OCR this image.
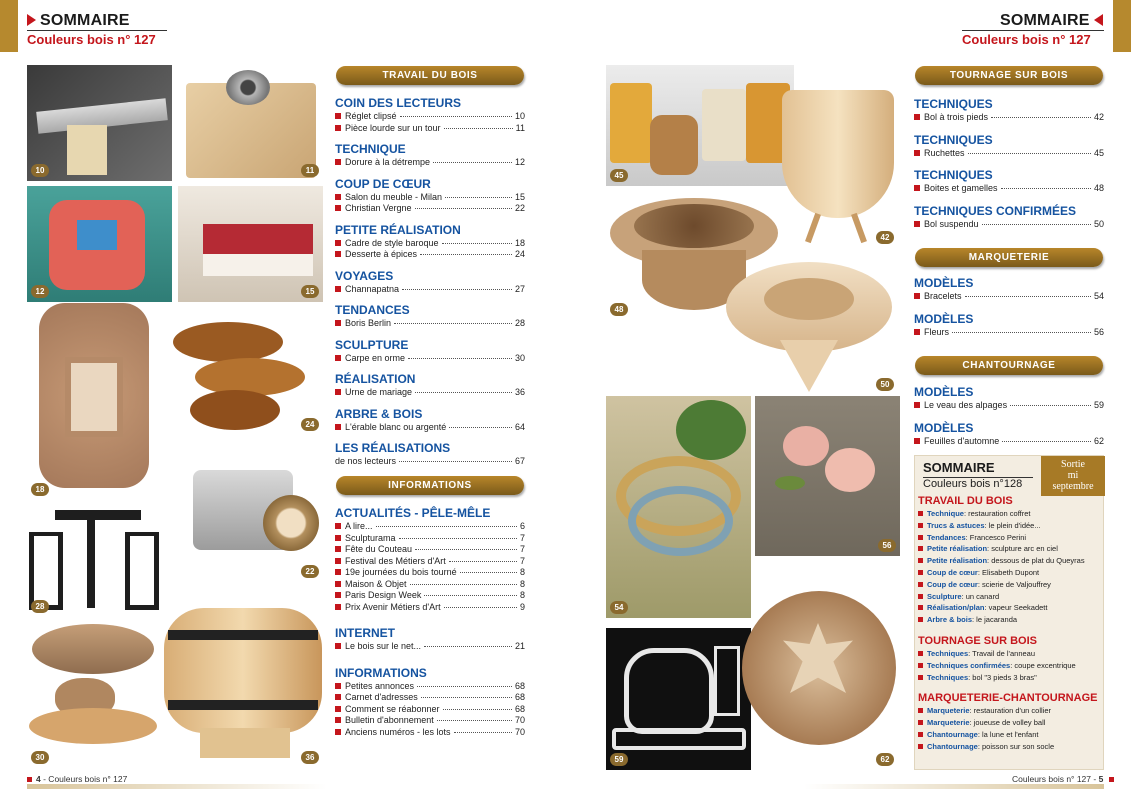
SOMMAIRE
Couleurs bois n° 127
SOMMAIRE
Couleurs bois n° 127
10	11
12	15
18
24
22
28
30	36
TRAVAIL DU BOIS
COIN DES LECTEURS
Réglet clipsé	10
Pièce lourde sur un tour	11
TECHNIQUE
Dorure à la détrempe	12
COUP DE CŒUR
Salon du meuble - Milan	15
Christian Vergne	22
PETITE RÉALISATION
Cadre de style baroque	18
Desserte à épices	24
VOYAGES
Channapatna	27
TENDANCES
Boris Berlin	28
SCULPTURE
Carpe en orme	30
RÉALISATION
Urne de mariage	36
ARBRE & BOIS
L'érable blanc ou argenté	64
LES RÉALISATIONS
de nos lecteurs	67
INFORMATIONS
ACTUALITÉS - PÊLE-MÊLE
A lire...	6
Sculpturama	7
Fête du Couteau	7
Festival des Métiers d'Art	7
19e journées du bois tourné	8
Maison & Objet	8
Paris Design Week	8
Prix Avenir Métiers d'Art	9
INTERNET
Le bois sur le net...	21
INFORMATIONS
Petites annonces	68
Carnet d'adresses	68
Comment se réabonner	68
Bulletin d'abonnement	70
Anciens numéros - les lots	70
45
42
48
50
56
54
59	62
TOURNAGE SUR BOIS
TECHNIQUES
Bol à trois pieds	42
TECHNIQUES
Ruchettes	45
TECHNIQUES
Boites et gamelles	48
TECHNIQUES CONFIRMÉES
Bol suspendu	50
MARQUETERIE
MODÈLES
Bracelets	54
MODÈLES
Fleurs	56
CHANTOURNAGE
MODÈLES
Le veau des alpages	59
MODÈLES
Feuilles d'automne	62
SOMMAIRE
Couleurs bois n°128
Sortie
mi
septembre
TRAVAIL DU BOIS
Technique : restauration coffret
Trucs & astuces : le plein d'idée...
Tendances : Francesco Perini
Petite réalisation : sculpture arc en ciel
Petite réalisation : dessous de plat du Queyras
Coup de cœur : Elisabeth Dupont
Coup de cœur : scierie de Valjouffrey
Sculpture : un canard
Réalisation/plan : vapeur Seekadett
Arbre & bois : le jacaranda
TOURNAGE SUR BOIS
Techniques : Travail de l'anneau
Techniques confirmées : coupe excentrique
Techniques : bol "3 pieds 3 bras"
MARQUETERIE-CHANTOURNAGE
Marqueterie : restauration d'un collier
Marqueterie : joueuse de volley ball
Chantournage : la lune et l'enfant
Chantournage : poisson sur son socle
4 - Couleurs bois n° 127	Couleurs bois n° 127 - 5
